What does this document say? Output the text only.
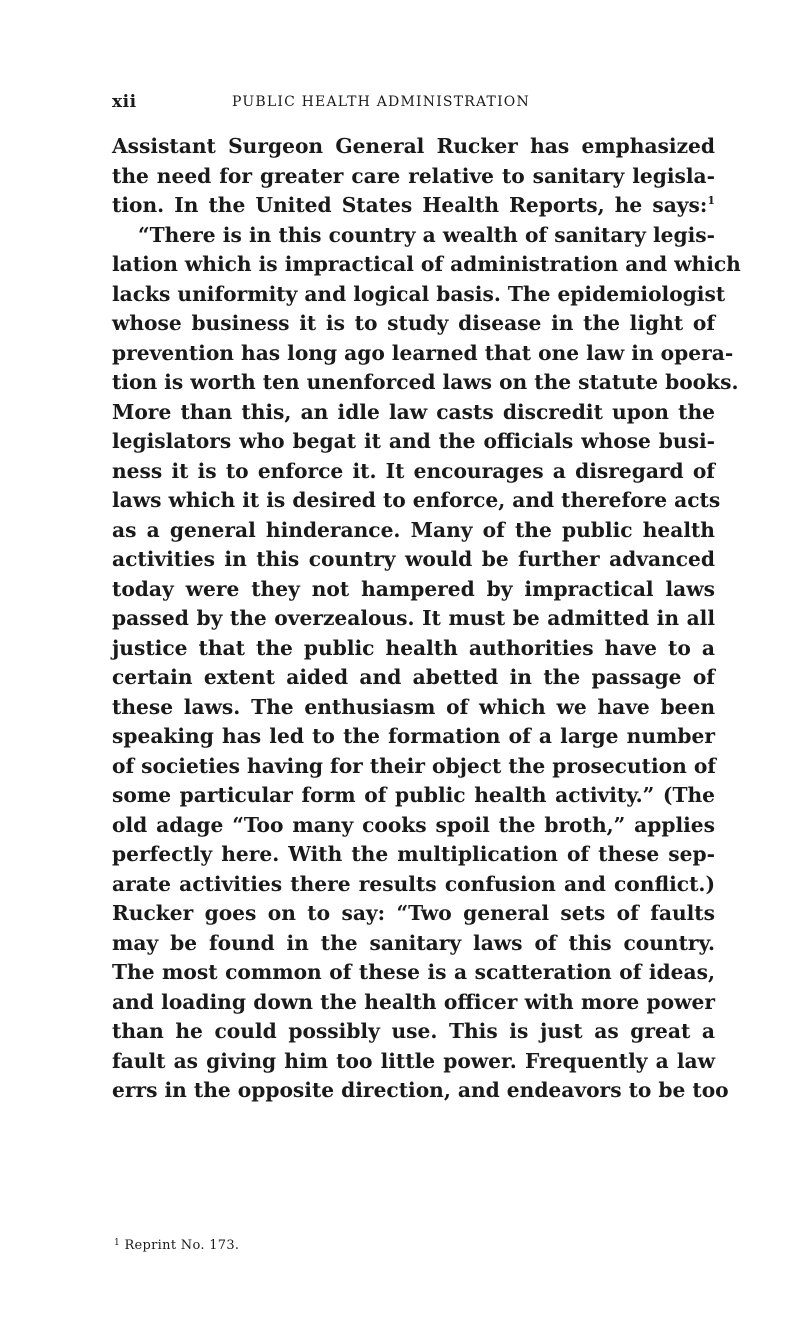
xii	PUBLIC HEALTH ADMINISTRATION
Assistant Surgeon General Rucker has emphasized
the need for greater care relative to sanitary legisla-
tion. In the United States Health Reports, he says:$^1$
“There is in this country a wealth of sanitary legis-
lation which is impractical of administration and which
lacks uniformity and logical basis. The epidemiologist
whose business it is to study disease in the light of
prevention has long ago learned that one law in opera-
tion is worth ten unenforced laws on the statute books.
More than this, an idle law casts discredit upon the
legislators who begat it and the officials whose busi-
ness it is to enforce it. It encourages a disregard of
laws which it is desired to enforce, and therefore acts
as a general hinderance. Many of the public health
activities in this country would be further advanced
today were they not hampered by impractical laws
passed by the overzealous. It must be admitted in all
justice that the public health authorities have to a
certain extent aided and abetted in the passage of
these laws. The enthusiasm of which we have been
speaking has led to the formation of a large number
of societies having for their object the prosecution of
some particular form of public health activity.” (The
old adage “Too many cooks spoil the broth,” applies
perfectly here. With the multiplication of these sep-
arate activities there results confusion and conflict.)
Rucker goes on to say: “Two general sets of faults
may be found in the sanitary laws of this country.
The most common of these is a scatteration of ideas,
and loading down the health officer with more power
than he could possibly use. This is just as great a
fault as giving him too little power. Frequently a law
errs in the opposite direction, and endeavors to be too
$^1$ Reprint No. 173.
